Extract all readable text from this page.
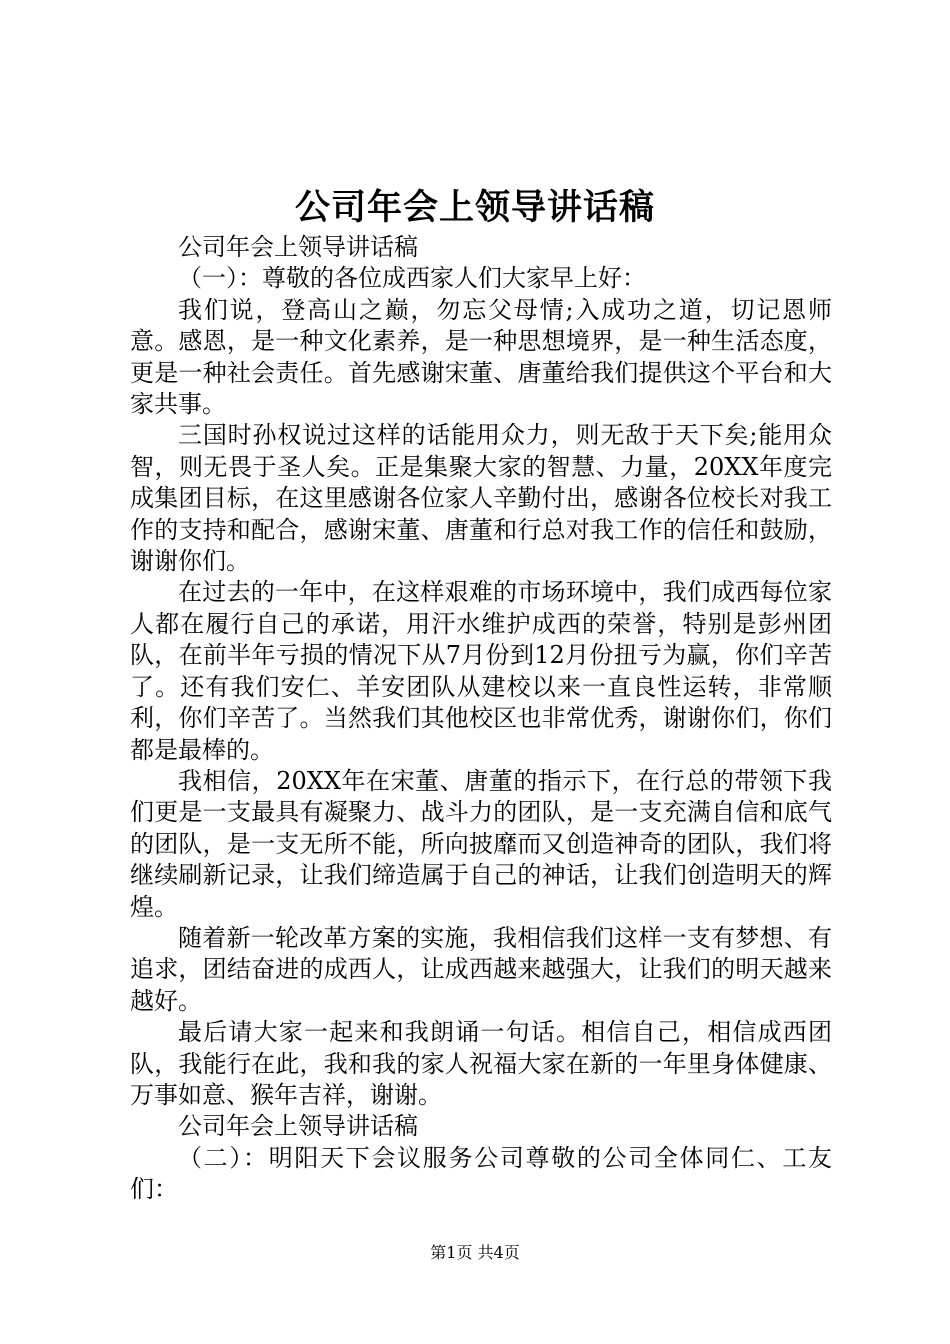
公司年会上领导讲话稿

公司年会上领导讲话稿

（一）：尊敬的各位成西家人们大家早上好：

我们说，登高山之巅，勿忘父母情;入成功之道，切记恩师意。感恩，是一种文化素养，是一种思想境界，是一种生活态度，更是一种社会责任。首先感谢宋董、唐董给我们提供这个平台和大家共事。

三国时孙权说过这样的话能用众力，则无敌于天下矣;能用众智，则无畏于圣人矣。正是集聚大家的智慧、力量，20XX年度完成集团目标，在这里感谢各位家人辛勤付出，感谢各位校长对我工作的支持和配合，感谢宋董、唐董和行总对我工作的信任和鼓励，谢谢你们。

在过去的一年中，在这样艰难的市场环境中，我们成西每位家人都在履行自己的承诺，用汗水维护成西的荣誉，特别是彭州团队，在前半年亏损的情况下从7月份到12月份扭亏为赢，你们辛苦了。还有我们安仁、羊安团队从建校以来一直良性运转，非常顺利，你们辛苦了。当然我们其他校区也非常优秀，谢谢你们，你们都是最棒的。

我相信，20XX年在宋董、唐董的指示下，在行总的带领下我们更是一支最具有凝聚力、战斗力的团队，是一支充满自信和底气的团队，是一支无所不能，所向披靡而又创造神奇的团队，我们将继续刷新记录，让我们缔造属于自己的神话，让我们创造明天的辉煌。

随着新一轮改革方案的实施，我相信我们这样一支有梦想、有追求，团结奋进的成西人，让成西越来越强大，让我们的明天越来越好。

最后请大家一起来和我朗诵一句话。相信自己，相信成西团队，我能行在此，我和我的家人祝福大家在新的一年里身体健康、万事如意、猴年吉祥，谢谢。

公司年会上领导讲话稿

（二）：明阳天下会议服务公司尊敬的公司全体同仁、工友们：

第1页 共4页
